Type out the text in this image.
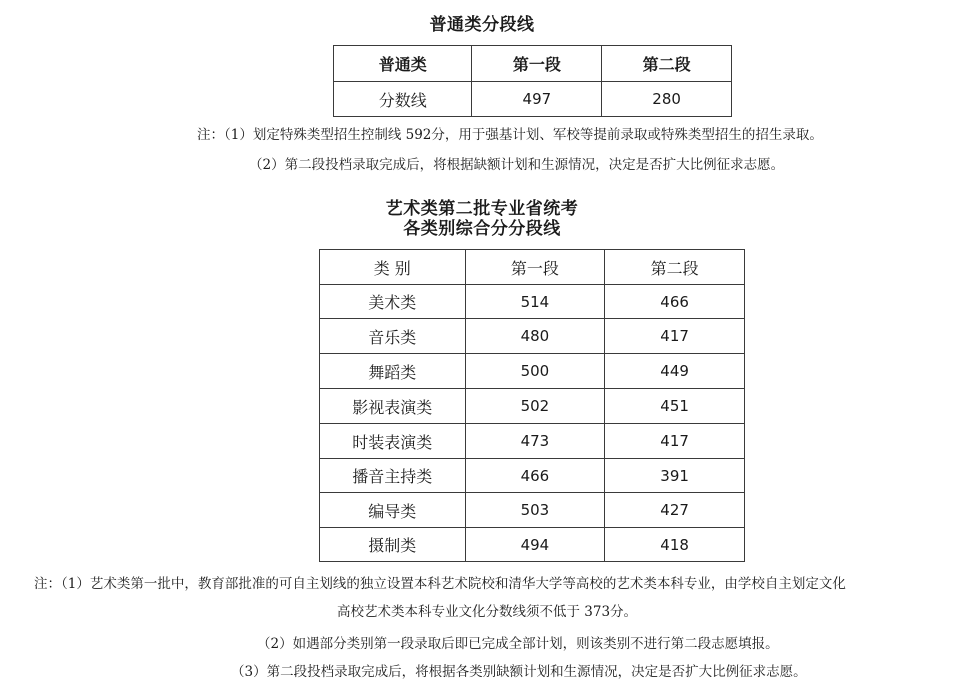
普通类分段线
普通类	第一段	第二段
分数线	497	280
注：（1）划定特殊类型招生控制线 592分，用于强基计划、军校等提前录取或特殊类型招生的招生录取。
（2）第二段投档录取完成后，将根据缺额计划和生源情况，决定是否扩大比例征求志愿。
艺术类第二批专业省统考
各类别综合分分段线
类 别	第一段	第二段
美术类	514	466
音乐类	480	417
舞蹈类	500	449
影视表演类	502	451
时装表演类	473	417
播音主持类	466	391
编导类	503	427
摄制类	494	418
注：（1）艺术类第一批中，教育部批准的可自主划线的独立设置本科艺术院校和清华大学等高校的艺术类本科专业，由学校自主划定文化
高校艺术类本科专业文化分数线须不低于 373分。
（2）如遇部分类别第一段录取后即已完成全部计划，则该类别不进行第二段志愿填报。
（3）第二段投档录取完成后，将根据各类别缺额计划和生源情况，决定是否扩大比例征求志愿。
